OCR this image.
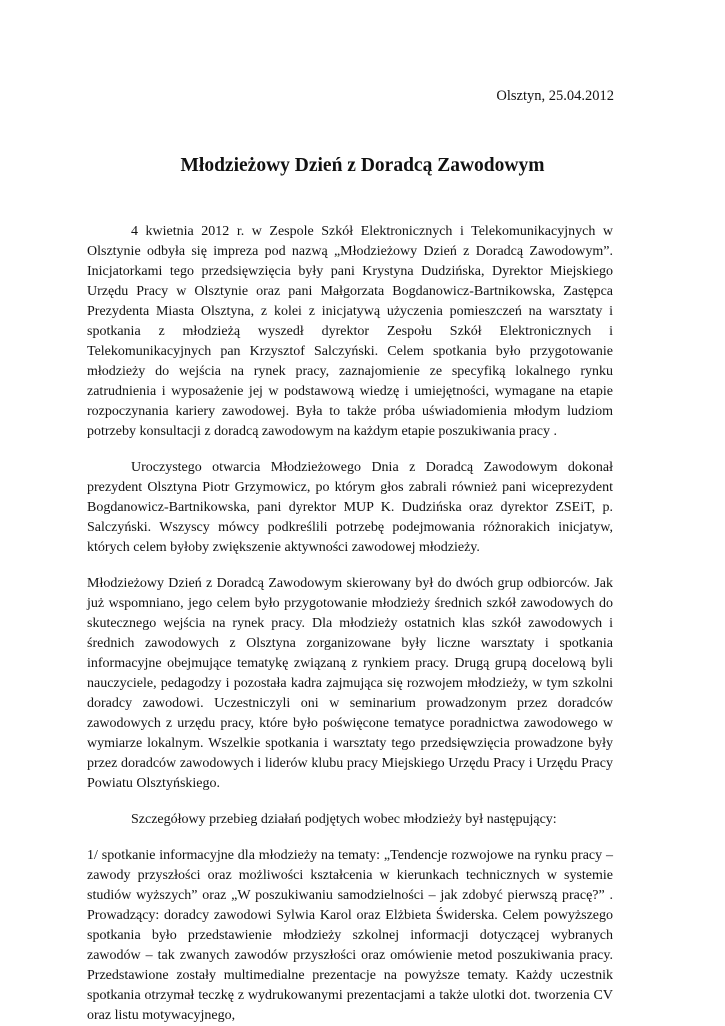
Olsztyn, 25.04.2012
Młodzieżowy Dzień z Doradcą Zawodowym

4 kwietnia 2012 r. w Zespole Szkół Elektronicznych i Telekomunikacyjnych w Olsztynie odbyła się impreza pod nazwą „Młodzieżowy Dzień z Doradcą Zawodowym”. Inicjatorkami tego przedsięwzięcia były pani Krystyna Dudzińska, Dyrektor Miejskiego Urzędu Pracy w Olsztynie oraz pani Małgorzata Bogdanowicz-Bartnikowska, Zastępca Prezydenta Miasta Olsztyna, z kolei z inicjatywą użyczenia pomieszczeń na warsztaty i spotkania z młodzieżą wyszedł dyrektor Zespołu Szkół Elektronicznych i Telekomunikacyjnych pan Krzysztof Salczyński. Celem spotkania było przygotowanie młodzieży do wejścia na rynek pracy, zaznajomienie ze specyfiką lokalnego rynku zatrudnienia i wyposażenie jej w podstawową wiedzę i umiejętności, wymagane na etapie rozpoczynania kariery zawodowej. Była to także próba uświadomienia młodym ludziom potrzeby konsultacji z doradcą zawodowym na każdym etapie poszukiwania pracy .

Uroczystego otwarcia Młodzieżowego Dnia z Doradcą Zawodowym dokonał prezydent Olsztyna Piotr Grzymowicz, po którym głos zabrali również pani wiceprezydent Bogdanowicz-Bartnikowska, pani dyrektor MUP K. Dudzińska oraz dyrektor ZSEiT, p. Salczyński. Wszyscy mówcy podkreślili potrzebę podejmowania różnorakich inicjatyw, których celem byłoby zwiększenie aktywności zawodowej młodzieży.

Młodzieżowy Dzień z Doradcą Zawodowym skierowany był do dwóch grup odbiorców. Jak już wspomniano, jego celem było przygotowanie młodzieży średnich szkół zawodowych do skutecznego wejścia na rynek pracy. Dla młodzieży ostatnich klas szkół zawodowych i średnich zawodowych z Olsztyna zorganizowane były liczne warsztaty i spotkania informacyjne obejmujące tematykę związaną z rynkiem pracy. Drugą grupą docelową byli nauczyciele, pedagodzy i pozostała kadra zajmująca się rozwojem młodzieży, w tym szkolni doradcy zawodowi. Uczestniczyli oni w seminarium prowadzonym przez doradców zawodowych z urzędu pracy, które było poświęcone tematyce poradnictwa zawodowego w wymiarze lokalnym. Wszelkie spotkania i warsztaty tego przedsięwzięcia prowadzone były przez doradców zawodowych i liderów klubu pracy Miejskiego Urzędu Pracy i Urzędu Pracy Powiatu Olsztyńskiego.

Szczegółowy przebieg działań podjętych wobec młodzieży był następujący:

1/ spotkanie informacyjne dla młodzieży na tematy: „Tendencje rozwojowe na rynku pracy – zawody przyszłości oraz możliwości kształcenia w kierunkach technicznych w systemie studiów wyższych” oraz „W poszukiwaniu samodzielności – jak zdobyć pierwszą pracę?” . Prowadzący: doradcy zawodowi Sylwia Karol oraz Elżbieta Świderska. Celem powyższego spotkania było przedstawienie młodzieży szkolnej informacji dotyczącej wybranych zawodów – tak zwanych zawodów przyszłości oraz omówienie metod poszukiwania pracy. Przedstawione zostały multimedialne prezentacje na powyższe tematy. Każdy uczestnik spotkania otrzymał teczkę z wydrukowanymi prezentacjami a także ulotki dot. tworzenia CV oraz listu motywacyjnego,
